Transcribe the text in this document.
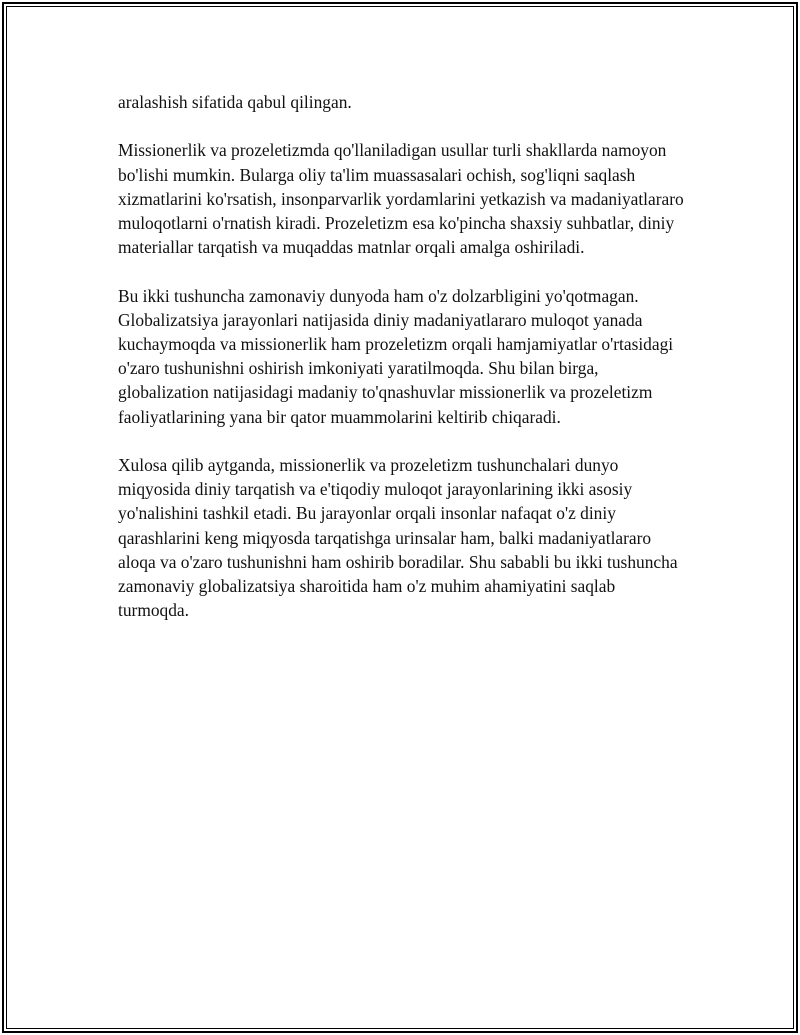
aralashish sifatida qabul qilingan.

Missionerlik va prozeletizmda qo'llaniladigan usullar turli shakllarda namoyon bo'lishi mumkin. Bularga oliy ta'lim muassasalari ochish, sog'liqni saqlash xizmatlarini ko'rsatish, insonparvarlik yordamlarini yetkazish va madaniyatlararo muloqotlarni o'rnatish kiradi. Prozeletizm esa ko'pincha shaxsiy suhbatlar, diniy materiallar tarqatish va muqaddas matnlar orqali amalga oshiriladi.

Bu ikki tushuncha zamonaviy dunyoda ham o'z dolzarbligini yo'qotmagan. Globalizatsiya jarayonlari natijasida diniy madaniyatlararo muloqot yanada kuchaymoqda va missionerlik ham prozeletizm orqali hamjamiyatlar o'rtasidagi o'zaro tushunishni oshirish imkoniyati yaratilmoqda. Shu bilan birga, globalization natijasidagi madaniy to'qnashuvlar missionerlik va prozeletizm faoliyatlarining yana bir qator muammolarini keltirib chiqaradi.

Xulosa qilib aytganda, missionerlik va prozeletizm tushunchalari dunyo miqyosida diniy tarqatish va e'tiqodiy muloqot jarayonlarining ikki asosiy yo'nalishini tashkil etadi. Bu jarayonlar orqali insonlar nafaqat o'z diniy qarashlarini keng miqyosda tarqatishga urinsalar ham, balki madaniyatlararo aloqa va o'zaro tushunishni ham oshirib boradilar. Shu sababli bu ikki tushuncha zamonaviy globalizatsiya sharoitida ham o'z muhim ahamiyatini saqlab turmoqda.
